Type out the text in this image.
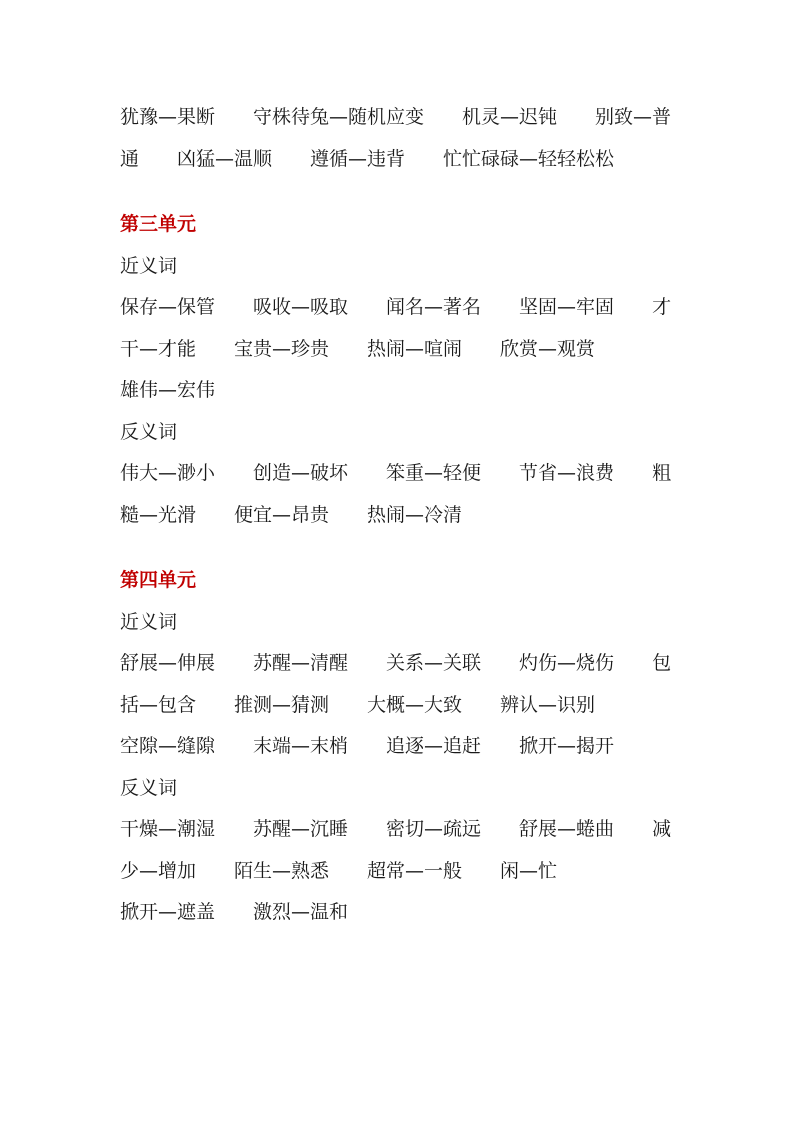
犹豫—果断 守株待兔—随机应变 机灵—迟钝 别致—普
通 凶猛—温顺 遵循—违背 忙忙碌碌—轻轻松松
第三单元
近义词
保存—保管 吸收—吸取 闻名—著名 坚固—牢固 才
干—才能 宝贵—珍贵 热闹—喧闹 欣赏—观赏
雄伟—宏伟
反义词
伟大—渺小 创造—破坏 笨重—轻便 节省—浪费 粗
糙—光滑 便宜—昂贵 热闹—冷清
第四单元
近义词
舒展—伸展 苏醒—清醒 关系—关联 灼伤—烧伤 包
括—包含 推测—猜测 大概—大致 辨认—识别
空隙—缝隙 末端—末梢 追逐—追赶 掀开—揭开
反义词
干燥—潮湿 苏醒—沉睡 密切—疏远 舒展—蜷曲 减
少—增加 陌生—熟悉 超常—一般 闲—忙
掀开—遮盖 激烈—温和
